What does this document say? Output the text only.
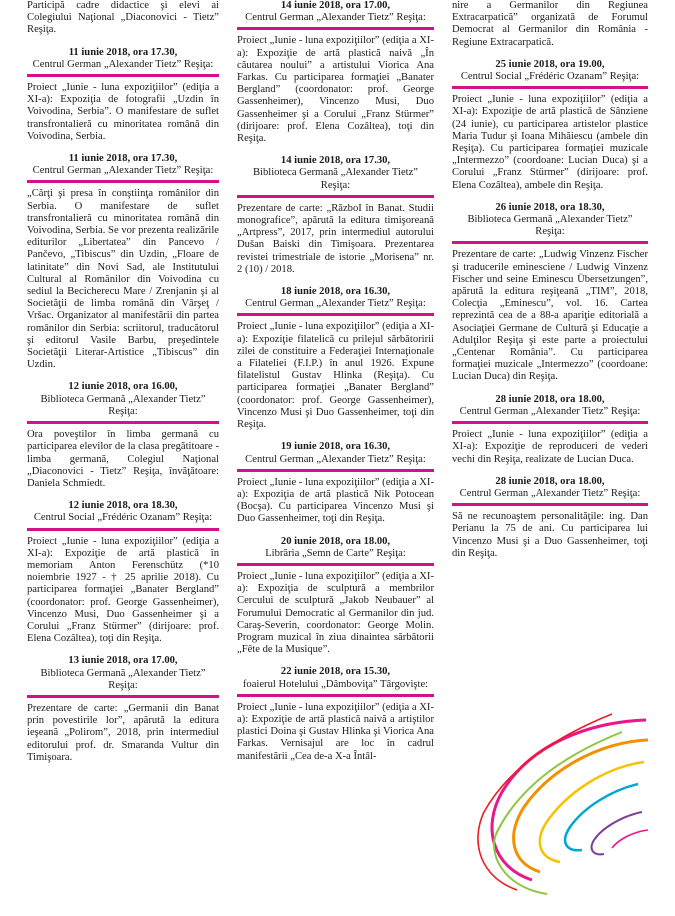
Participă cadre didactice şi elevi ai Colegiului Naţional „Diaconovici - Tietz” Reşiţa.
11 iunie 2018, ora 17.30,
Centrul German „Alexander Tietz” Reşiţa:
Proiect „Iunie - luna expoziţiilor” (ediţia a XI-a): Expoziţia de fotografii „Uzdin în Voivodina, Serbia”. O manifestare de suflet transfrontalieră cu minoritatea română din Voivodina, Serbia.
11 iunie 2018, ora 17.30,
Centrul German „Alexander Tietz” Reşiţa:
„Cărţi şi presa în conştiinţa românilor din Serbia. O manifestare de suflet transfrontalieră cu minoritatea română din Voivodina, Serbia. Se vor prezenta realizările editurilor „Libertatea” din Pancevo / Pančevo, „Tibiscus” din Uzdin, „Floare de latinitate” din Novi Sad, ale Institutului Cultural al Românilor din Voivodina cu sediul la Becicherecu Mare / Zrenjanin şi al Societăţii de limba română din Vârşeţ / Vršac. Organizator al manifestării din partea românilor din Serbia: scriitorul, traducătorul şi editorul Vasile Barbu, preşedintele Societăţii Literar-Artistice „Tibiscus” din Uzdin.
12 iunie 2018, ora 16.00,
Biblioteca Germană „Alexander Tietz” Reşiţa:
Ora poveştilor în limba germană cu participarea elevilor de la clasa pregătitoare - limba germană, Colegiul Naţional „Diaconovici - Tietz” Reşiţa, învăţătoare: Daniela Schmiedt.
12 iunie 2018, ora 18.30,
Centrul Social „Frédéric Ozanam” Reşiţa:
Proiect „Iunie - luna expoziţiilor” (ediţia a XI-a): Expoziţie de artă plastică în memoriam Anton Ferenschütz (*10 noiembrie 1927 - † 25 aprilie 2018). Cu participarea formaţiei „Banater Bergland” (coordonator: prof. George Gassenheimer), Vincenzo Musi, Duo Gassenheimer şi a Corului „Franz Stürmer” (dirijoare: prof. Elena Cozâltea), toţi din Reşiţa.
13 iunie 2018, ora 17.00,
Biblioteca Germană „Alexander Tietz” Reşiţa:
Prezentare de carte: „Germanii din Banat prin povestirile lor”, apărută la editura ieşeană „Polirom”, 2018, prin intermediul editorului prof. dr. Smaranda Vultur din Timişoara.
14 iunie 2018, ora 17.00,
Centrul German „Alexander Tietz” Reşiţa:
Proiect „Iunie - luna expoziţiilor” (ediţia a XI-a): Expoziţie de artă plastică naivă „În căutarea noului” a artistului Viorica Ana Farkas. Cu participarea formaţiei „Banater Bergland” (coordonator: prof. George Gassenheimer), Vincenzo Musi, Duo Gassenheimer şi a Corului „Franz Stürmer” (dirijoare: prof. Elena Cozâltea), toţi din Reşiţa.
14 iunie 2018, ora 17.30,
Biblioteca Germană „Alexander Tietz” Reşiţa:
Prezentare de carte: „RăzboI în Banat. Studii monografice”, apărută la editura timişoreană „Artpress”, 2017, prin intermediul autorului Dušan Baiski din Timişoara. Prezentarea revistei trimestriale de istorie „Morisena” nr. 2 (10) / 2018.
18 iunie 2018, ora 16.30,
Centrul German „Alexander Tietz” Reşiţa:
Proiect „Iunie - luna expoziţiilor” (ediţia a XI-a): Expoziţie filatelică cu prilejul sărbătoririi zilei de constituire a Federaţiei Internaţionale a Filateliei (F.I.P.) în anul 1926. Expune filatelistul Gustav Hlinka (Reşiţa). Cu participarea formaţiei „Banater Bergland” (coordonator: prof. George Gassenheimer), Vincenzo Musi şi Duo Gassenheimer, toţi din Reşiţa.
19 iunie 2018, ora 16.30,
Centrul German „Alexander Tietz” Reşiţa:
Proiect „Iunie - luna expoziţiilor” (ediţia a XI-a): Expoziţia de artă plastică Nik Potocean (Bocşa). Cu participarea Vincenzo Musi şi Duo Gassenheimer, toţi din Reşiţa.
20 iunie 2018, ora 18.00,
Librăria „Semn de Carte” Reşiţa:
Proiect „Iunie - luna expoziţiilor” (ediţia a XI-a): Expoziţia de sculptură a membrilor Cercului de sculptură „Jakob Neubauer” al Forumului Democratic al Germanilor din jud. Caraş-Severin, coordonator: George Molin. Program muzical în ziua dinaintea sărbătorii „Fête de la Musique”.
22 iunie 2018, ora 15.30,
foaierul Hotelului „Dâmboviţa” Târgovişte:
Proiect „Iunie - luna expoziţiilor” (ediţia a XI-a): Expoziţie de artă plastică naivă a artiştilor plastici Doina şi Gustav Hlinka şi Viorica Ana Farkas. Vernisajul are loc în cadrul manifestării „Cea de-a X-a Întâl-
nire a Germanilor din Regiunea Extracarpatică” organizată de Forumul Democrat al Germanilor din România - Regiune Extracarpatică.
25 iunie 2018, ora 19.00,
Centrul Social „Frédéric Ozanam” Reşiţa:
Proiect „Iunie - luna expoziţiilor” (ediţia a XI-a): Expoziţie de artă plastică de Sânziene (24 iunie), cu participarea artistelor plastice Maria Tudur şi Ioana Mihăiescu (ambele din Reşiţa). Cu participarea formaţiei muzicale „Intermezzo” (coordoane: Lucian Duca) şi a Corului „Franz Stürmer” (dirijoare: prof. Elena Cozâltea), ambele din Reşiţa.
26 iunie 2018, ora 18.30,
Biblioteca Germană „Alexander Tietz” Reşiţa:
Prezentare de carte: „Ludwig Vinzenz Fischer şi traducerile eminesciene / Ludwig Vinzenz Fischer und seine Eminescu Übersetzungen”, apărută la editura reşiţeană „TIM”, 2018, Colecţia „Eminescu”, vol. 16. Cartea reprezintă cea de a 88-a apariţie editorială a Asociaţiei Germane de Cultură şi Educaţie a Adulţilor Reşiţa şi este parte a proiectului „Centenar România”. Cu participarea formaţiei muzicale „Intermezzo” (coordoane: Lucian Duca) din Reşiţa.
28 iunie 2018, ora 18.00,
Centrul German „Alexander Tietz” Reşiţa:
Proiect „Iunie - luna expoziţiilor” (ediţia a XI-a): Expoziţie de reproduceri de vederi vechi din Reşiţa, realizate de Lucian Duca.
28 iunie 2018, ora 18.00,
Centrul German „Alexander Tietz” Reşiţa:
Să ne recunoaştem personalităţile: ing. Dan Perianu la 75 de ani. Cu participarea lui Vincenzo Musi şi a Duo Gassenheimer, toţi din Reşiţa.
